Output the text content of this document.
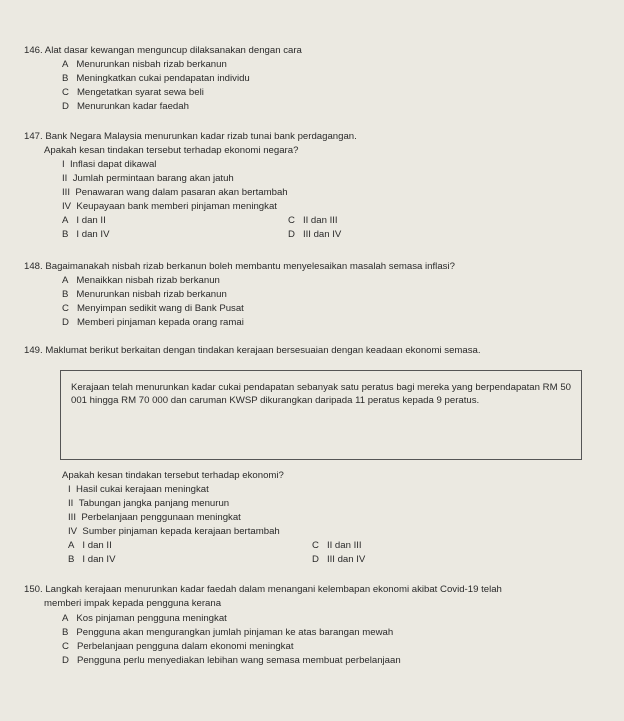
146. Alat dasar kewangan menguncup dilaksanakan dengan cara
A Menurunkan nisbah rizab berkanun
B Meningkatkan cukai pendapatan individu
C Mengetatkan syarat sewa beli
D Menurunkan kadar faedah
147. Bank Negara Malaysia menurunkan kadar rizab tunai bank perdagangan.
Apakah kesan tindakan tersebut terhadap ekonomi negara?
I Inflasi dapat dikawal
II Jumlah permintaan barang akan jatuh
III Penawaran wang dalam pasaran akan bertambah
IV Keupayaan bank memberi pinjaman meningkat
A I dan II	C II dan III
B I dan IV	D III dan IV
148. Bagaimanakah nisbah rizab berkanun boleh membantu menyelesaikan masalah semasa inflasi?
A Menaikkan nisbah rizab berkanun
B Menurunkan nisbah rizab berkanun
C Menyimpan sedikit wang di Bank Pusat
D Memberi pinjaman kepada orang ramai
149. Maklumat berikut berkaitan dengan tindakan kerajaan bersesuaian dengan keadaan ekonomi semasa.
Kerajaan telah menurunkan kadar cukai pendapatan sebanyak satu peratus bagi mereka yang berpendapatan RM 50 001 hingga RM 70 000 dan caruman KWSP dikurangkan daripada 11 peratus kepada 9 peratus.
Apakah kesan tindakan tersebut terhadap ekonomi?
I Hasil cukai kerajaan meningkat
II Tabungan jangka panjang menurun
III Perbelanjaan penggunaan meningkat
IV Sumber pinjaman kepada kerajaan bertambah
A I dan II	C II dan III
B I dan IV	D III dan IV
150. Langkah kerajaan menurunkan kadar faedah dalam menangani kelembapan ekonomi akibat Covid-19 telah
memberi impak kepada pengguna kerana
A Kos pinjaman pengguna meningkat
B Pengguna akan mengurangkan jumlah pinjaman ke atas barangan mewah
C Perbelanjaan pengguna dalam ekonomi meningkat
D Pengguna perlu menyediakan lebihan wang semasa membuat perbelanjaan
